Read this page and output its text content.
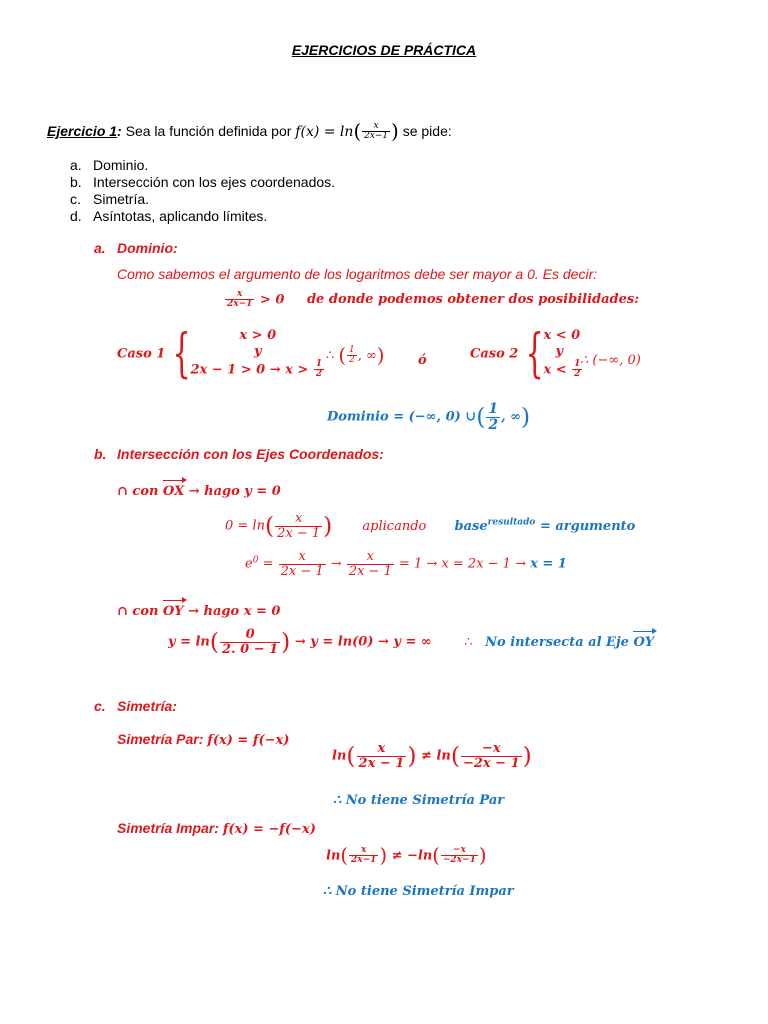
EJERCICIOS DE PRÁCTICA
Ejercicio 1: Sea la función definida por $f(x) = \ln( \frac{x}{2x-1}$ ) se pide:
a. Dominio.
b. Intersección con los ejes coordenados.
c. Simetría.
d. Asíntotas, aplicando límites.
a. Dominio:
Como sabemos el argumento de los logaritmos debe ser mayor a 0. Es decir:
$\frac{x}{2x-1} > 0$ de donde podemos obtener dos posibilidades:
Caso 1 {	x > 0
y
$2x - 1 > 0 \to x > \frac{1}{2}$
∴ ( $\frac{1}{2}$ , ∞)	ó	Caso 2 { x < 0
y
$x < \frac{1}{2}$
∴ (−∞, 0)
Dominio = (−∞, 0) ∪( $\frac{1}{2}$ , ∞)
b. Intersección con los Ejes Coordenados:
∩ con OX → hago y = 0
$0 = \ln( \frac{x}{2x - 1}$ ) aplicando base$^{resultado}$ = argumento
$e^0 = \frac{x}{2x - 1} \to \frac{x}{2x - 1} = 1 \to x = 2x - 1 \to x = 1$
∩ con OY → hago x = 0
$y = \ln( \frac{0}{2. 0 - 1}$ ) → y = ln(0) → y = ∞	∴ No intersecta al Eje OY
c. Simetría:
Simetría Par: f(x) = f(−x)
$\ln( \frac{x}{2x - 1}$ ) ≠ $\ln( \frac{-x}{-2x - 1}$ )
∴ No tiene Simetría Par
Simetría Impar: f(x) = −f(−x)
$\ln( \frac{x}{2x-1}$ ) ≠ $-\ln( \frac{-x}{-2x-1}$ )
∴ No tiene Simetría Impar
